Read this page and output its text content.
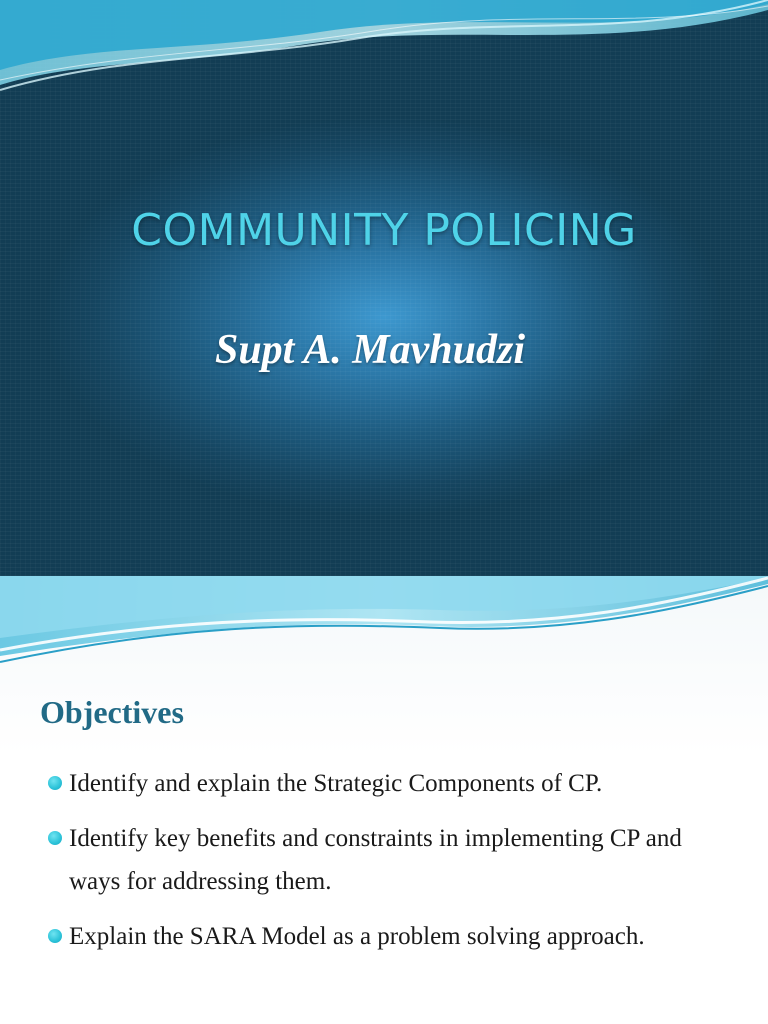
COMMUNITY POLICING
Supt A. Mavhudzi
Objectives
Identify and explain the Strategic Components of CP.
Identify key benefits and constraints in implementing CP and ways for addressing them.
Explain the SARA Model as a problem solving approach.
